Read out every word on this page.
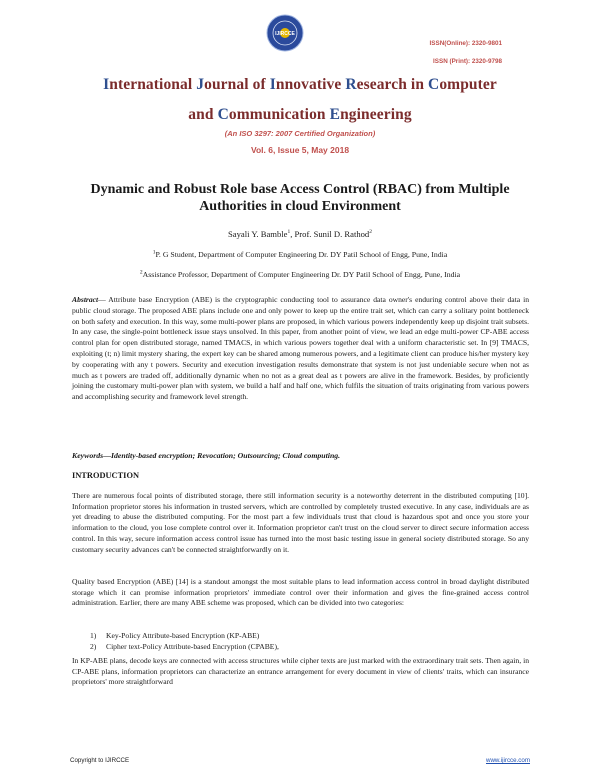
IJIRCCE
ISSN(Online): 2320-9801
ISSN (Print): 2320-9798
International Journal of Innovative Research in Computer
and Communication Engineering
(An ISO 3297: 2007 Certified Organization)
Vol. 6, Issue 5, May 2018
Dynamic and Robust Role base Access Control (RBAC) from Multiple Authorities in cloud Environment
Sayali Y. Bamble$^1$, Prof. Sunil D. Rathod$^2$
$^1$P. G Student, Department of Computer Engineering Dr. DY Patil School of Engg, Pune, India
$^2$Assistance Professor, Department of Computer Engineering Dr. DY Patil School of Engg, Pune, India
Abstract— Attribute base Encryption (ABE) is the cryptographic conducting tool to assurance data owner's enduring control above their data in public cloud storage. The proposed ABE plans include one and only power to keep up the entire trait set, which can carry a solitary point bottleneck on both safety and execution. In this way, some multi-power plans are proposed, in which various powers independently keep up disjoint trait subsets. In any case, the single-point bottleneck issue stays unsolved. In this paper, from another point of view, we lead an edge multi-power CP-ABE access control plan for open distributed storage, named TMACS, in which various powers together deal with a uniform characteristic set. In [9] TMACS, exploiting (t; n) limit mystery sharing, the expert key can be shared among numerous powers, and a legitimate client can produce his/her mystery key by cooperating with any t powers. Security and execution investigation results demonstrate that system is not just undeniable secure when not as much as t powers are traded off, additionally dynamic when no not as a great deal as t powers are alive in the framework. Besides, by proficiently joining the customary multi-power plan with system, we build a half and half one, which fulfils the situation of traits originating from various powers and accomplishing security and framework level strength.
Keywords—Identity-based encryption; Revocation; Outsourcing; Cloud computing.
INTRODUCTION
There are numerous focal points of distributed storage, there still information security is a noteworthy deterrent in the distributed computing [10]. Information proprietor stores his information in trusted servers, which are controlled by completely trusted executive. In any case, individuals are as yet dreading to abuse the distributed computing. For the most part a few individuals trust that cloud is hazardous spot and once you store your information to the cloud, you lose complete control over it. Information proprietor can't trust on the cloud server to direct secure information access control. In this way, secure information access control issue has turned into the most basic testing issue in general society distributed storage. So any customary security advances can't be connected straightforwardly on it.
Quality based Encryption (ABE) [14] is a standout amongst the most suitable plans to lead information access control in broad daylight distributed storage which it can promise information proprietors' immediate control over their information and gives the fine-grained access control administration. Earlier, there are many ABE scheme was proposed, which can be divided into two categories:
1) Key-Policy Attribute-based Encryption (KP-ABE)
2) Cipher text-Policy Attribute-based Encryption (CPABE),
In KP-ABE plans, decode keys are connected with access structures while cipher texts are just marked with the extraordinary trait sets. Then again, in CP-ABE plans, information proprietors can characterize an entrance arrangement for every document in view of clients' traits, which can insurance proprietors' more straightforward
Copyright to IJIRCCE	www.ijircce.com
